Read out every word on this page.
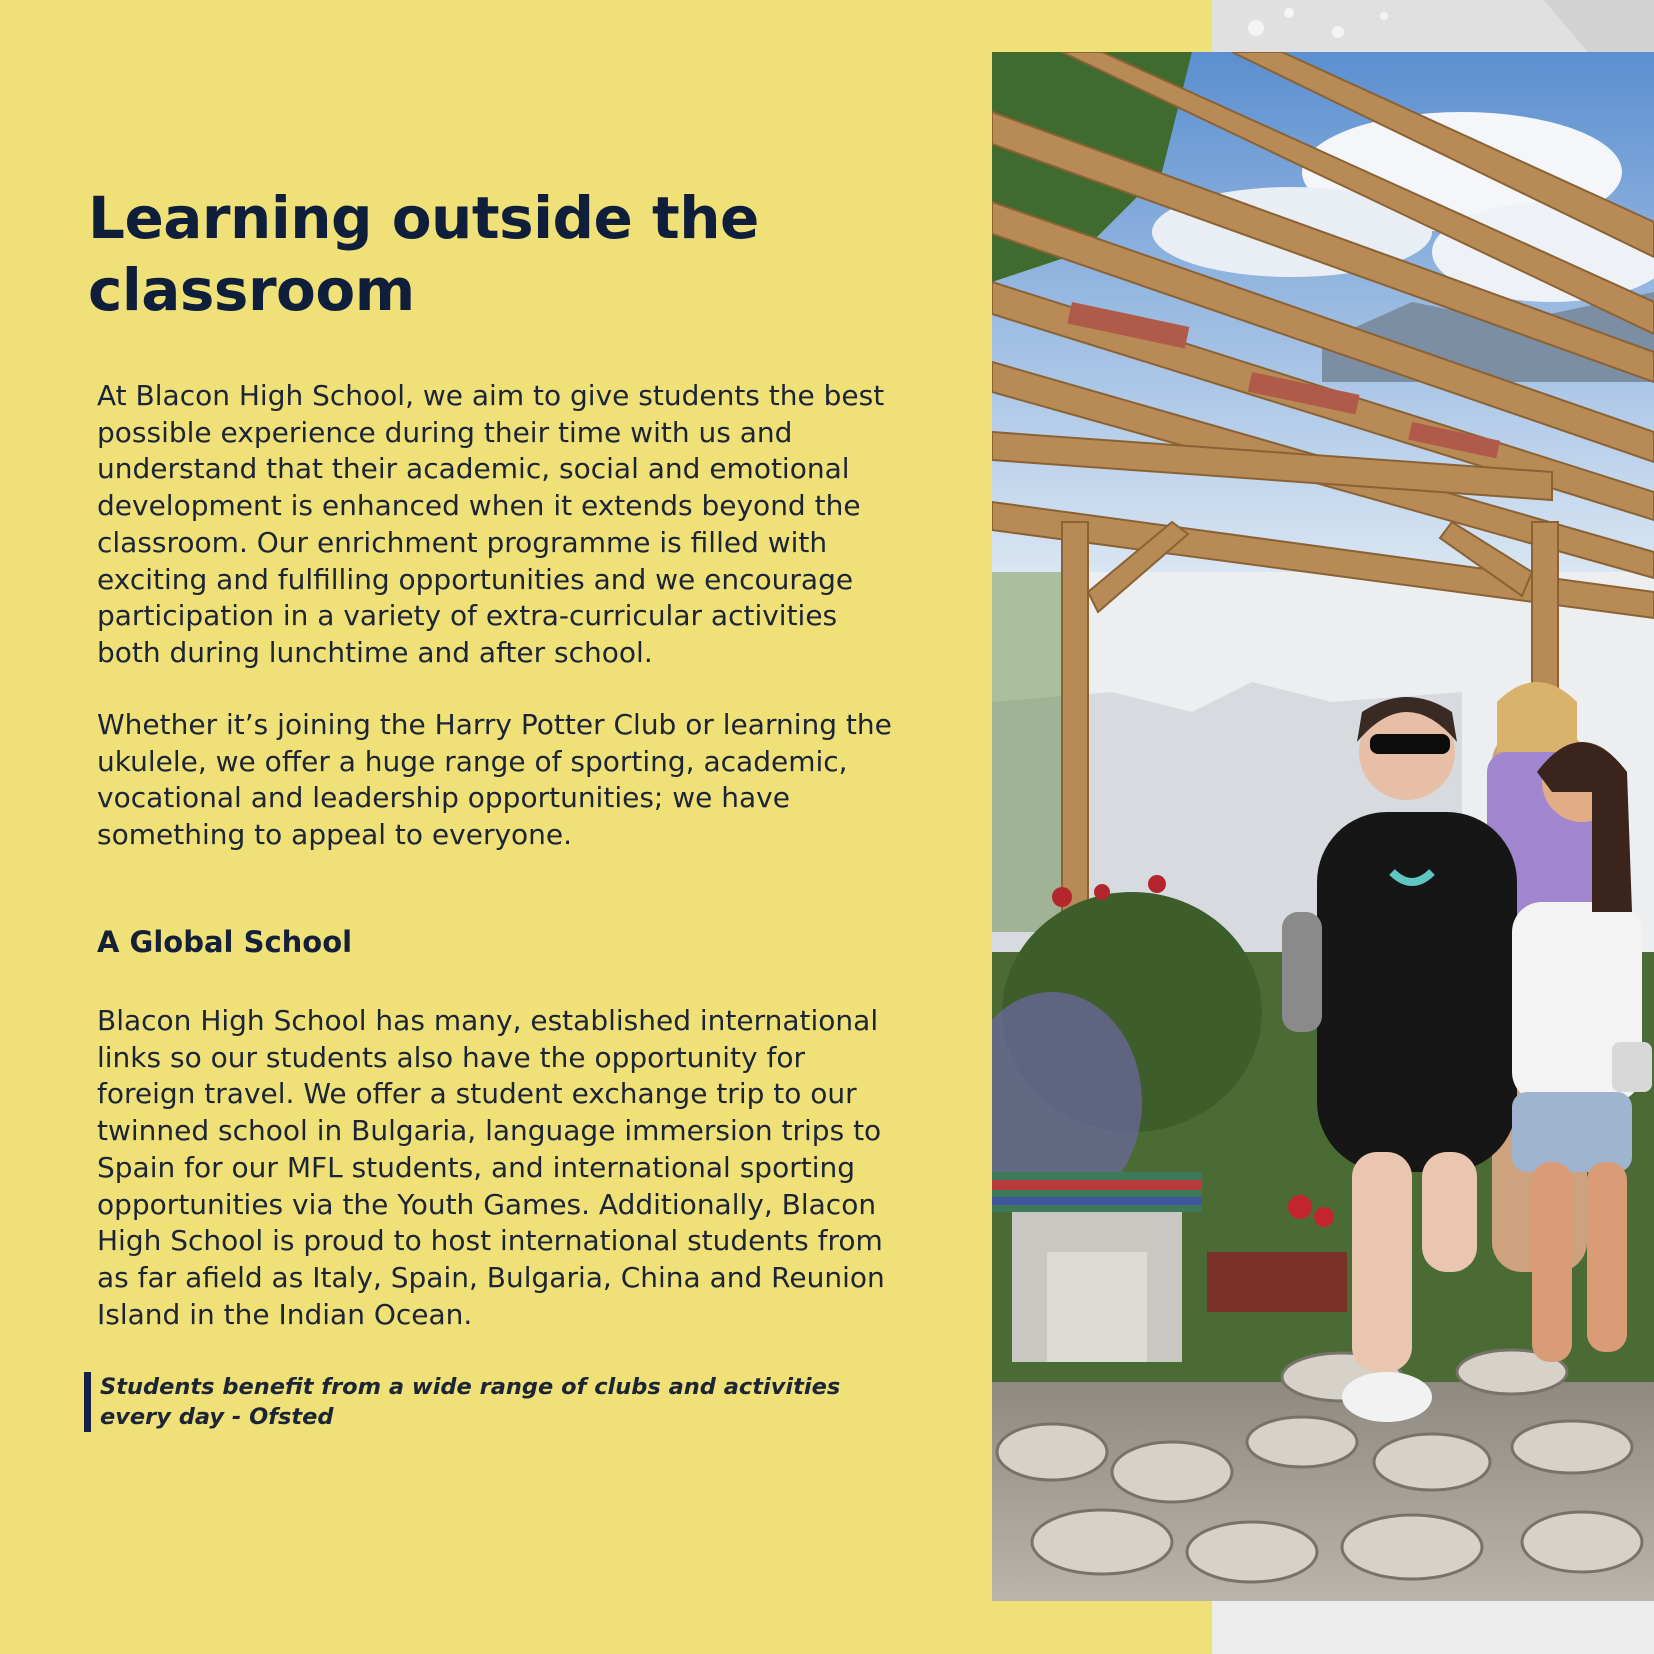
Learning outside the classroom

At Blacon High School, we aim to give students the best possible experience during their time with us and understand that their academic, social and emotional development is enhanced when it extends beyond the classroom. Our enrichment programme is filled with exciting and fulfilling opportunities and we encourage participation in a variety of extra-curricular activities both during lunchtime and after school.

Whether it’s joining the Harry Potter Club or learning the ukulele, we offer a huge range of sporting, academic, vocational and leadership opportunities; we have something to appeal to everyone.

A Global School

Blacon High School has many, established international links so our students also have the opportunity for foreign travel. We offer a student exchange trip to our twinned school in Bulgaria, language immersion trips to Spain for our MFL students, and international sporting opportunities via the Youth Games. Additionally, Blacon High School is proud to host international students from as far afield as Italy, Spain, Bulgaria, China and Reunion Island in the Indian Ocean.

Students benefit from a wide range of clubs and activities every day - Ofsted
